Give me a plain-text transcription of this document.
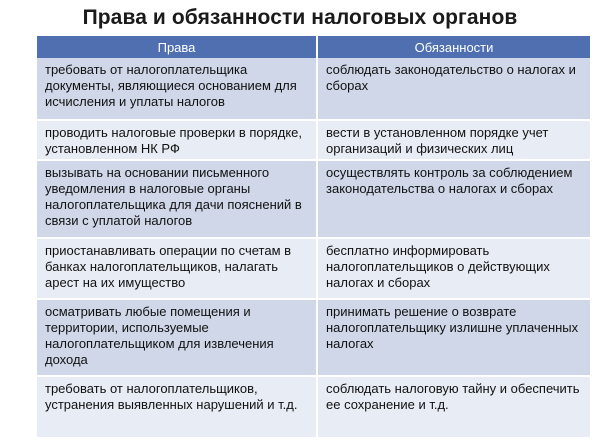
Права и обязанности налоговых органов
Права	Обязанности
требовать от налогоплательщика документы, являющиеся основанием для исчисления и уплаты налогов	соблюдать законодательство о налогах и сборах
проводить налоговые проверки в порядке, установленном НК РФ	вести в установленном порядке учет организаций и физических лиц
вызывать на основании письменного уведомления в налоговые органы налогоплательщика для дачи пояснений в связи с уплатой налогов	осуществлять контроль за соблюдением законодательства о налогах и сборах
приостанавливать операции по счетам в банках налогоплательщиков, налагать арест на их имущество	бесплатно информировать налогоплательщиков о действующих налогах и сборах
осматривать любые помещения и территории, используемые налогоплательщиком для извлечения дохода	принимать решение о возврате налогоплательщику излишне уплаченных налогах
требовать от налогоплательщиков, устранения выявленных нарушений и т.д.	соблюдать налоговую тайну и обеспечить ее сохранение и т.д.
